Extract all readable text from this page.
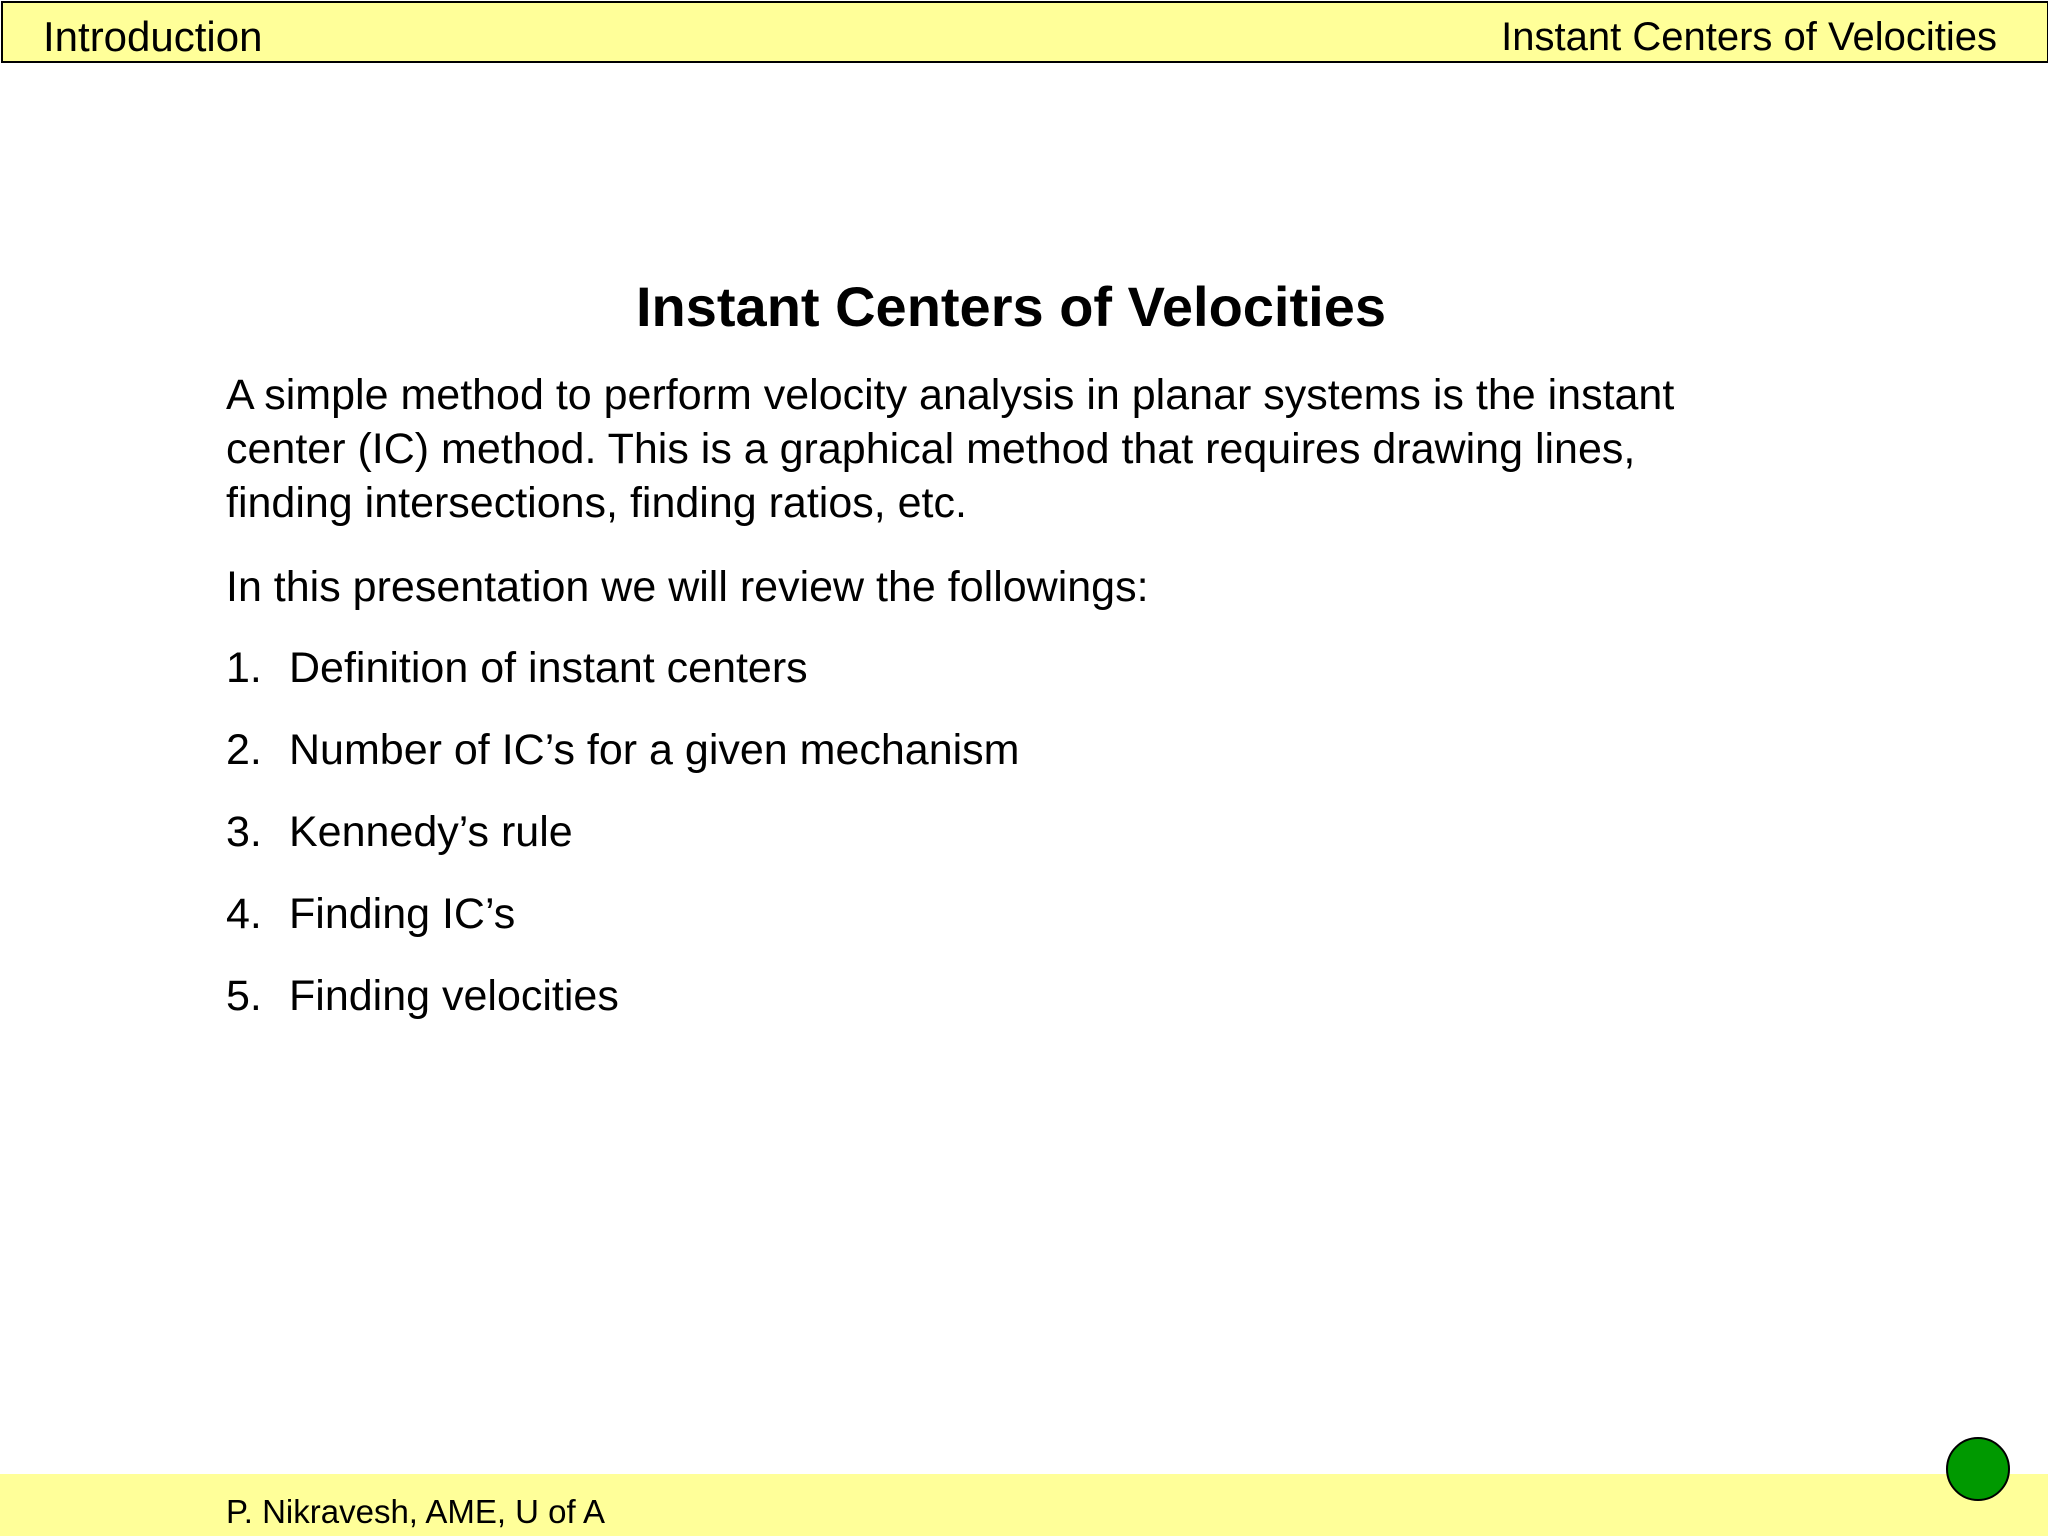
Introduction	Instant Centers of Velocities
Instant Centers of Velocities
A simple method to perform velocity analysis in planar systems is the instant
center (IC) method. This is a graphical method that requires drawing lines,
finding intersections, finding ratios, etc.
In this presentation we will review the followings:
1. Definition of instant centers
2. Number of IC’s for a given mechanism
3. Kennedy’s rule
4. Finding IC’s
5. Finding velocities
P. Nikravesh, AME, U of A
